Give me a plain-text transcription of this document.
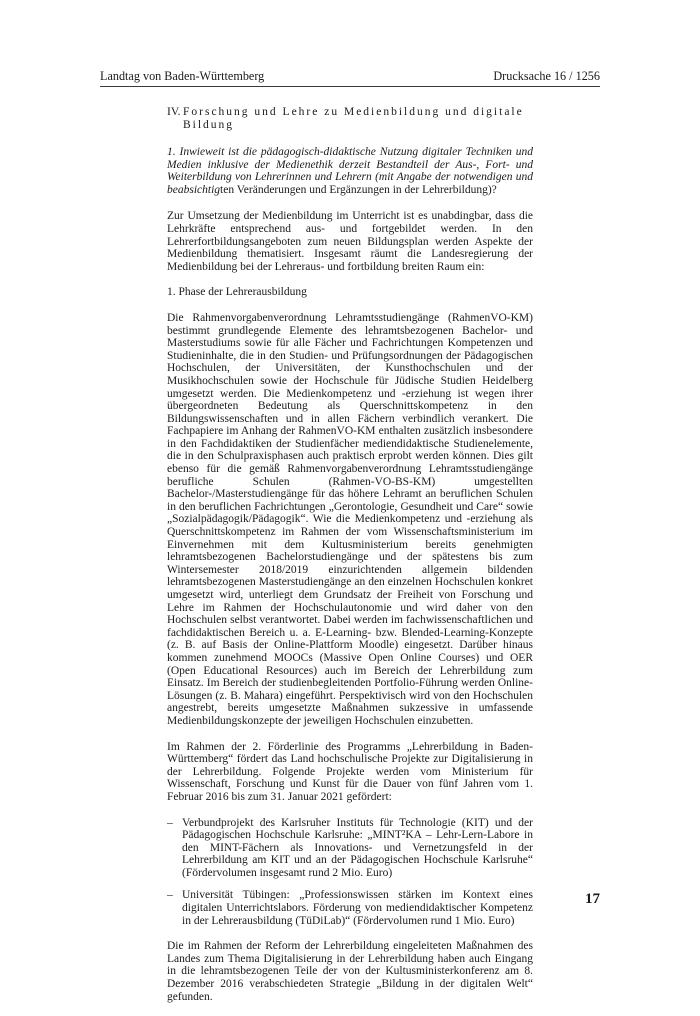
Landtag von Baden-Württemberg	Drucksache 16 / 1256
IV. Forschung und Lehre zu Medienbildung und digitale Bildung

1. Inwieweit ist die pädagogisch-didaktische Nutzung digitaler Techniken und Medien inklusive der Medienethik derzeit Bestandteil der Aus-, Fort- und Weiterbildung von Lehrerinnen und Lehrern (mit Angabe der notwendigen und beabsichtigten Veränderungen und Ergänzungen in der Lehrerbildung)?

Zur Umsetzung der Medienbildung im Unterricht ist es unabdingbar, dass die Lehrkräfte entsprechend aus- und fortgebildet werden. In den Lehrerfortbildungsangeboten zum neuen Bildungsplan werden Aspekte der Medienbildung thematisiert. Insgesamt räumt die Landesregierung der Medienbildung bei der Lehreraus- und fortbildung breiten Raum ein:

1. Phase der Lehrerausbildung

Die Rahmenvorgabenverordnung Lehramtsstudiengänge (RahmenVO-KM) bestimmt grundlegende Elemente des lehramtsbezogenen Bachelor- und Masterstudiums sowie für alle Fächer und Fachrichtungen Kompetenzen und Studieninhalte, die in den Studien- und Prüfungsordnungen der Pädagogischen Hochschulen, der Universitäten, der Kunsthochschulen und der Musikhochschulen sowie der Hochschule für Jüdische Studien Heidelberg umgesetzt werden. Die Medienkompetenz und -erziehung ist wegen ihrer übergeordneten Bedeutung als Querschnittskompetenz in den Bildungswissenschaften und in allen Fächern verbindlich verankert. Die Fachpapiere im Anhang der RahmenVO-KM enthalten zusätzlich insbesondere in den Fachdidaktiken der Studienfächer mediendidaktische Studienelemente, die in den Schulpraxisphasen auch praktisch erprobt werden können. Dies gilt ebenso für die gemäß Rahmenvorgabenverordnung Lehramtsstudiengänge berufliche Schulen (Rahmen-VO-BS-KM) umgestellten Bachelor-/Masterstudiengänge für das höhere Lehramt an beruflichen Schulen in den beruflichen Fachrichtungen „Gerontologie, Gesundheit und Care“ sowie „Sozialpädagogik/Pädagogik“. Wie die Medienkompetenz und -erziehung als Querschnittskompetenz im Rahmen der vom Wissenschaftsministerium im Einvernehmen mit dem Kultusministerium bereits genehmigten lehramtsbezogenen Bachelorstudiengänge und der spätestens bis zum Wintersemester 2018/2019 einzurichtenden allgemein bildenden lehramtsbezogenen Masterstudiengänge an den einzelnen Hochschulen konkret umgesetzt wird, unterliegt dem Grundsatz der Freiheit von Forschung und Lehre im Rahmen der Hochschulautonomie und wird daher von den Hochschulen selbst verantwortet. Dabei werden im fachwissenschaftlichen und fachdidaktischen Bereich u. a. E-Learning- bzw. Blended-Learning-Konzepte (z. B. auf Basis der Online-Plattform Moodle) eingesetzt. Darüber hinaus kommen zunehmend MOOCs (Massive Open Online Courses) und OER (Open Educational Resources) auch im Bereich der Lehrerbildung zum Einsatz. Im Bereich der studienbegleitenden Portfolio-Führung werden Online-Lösungen (z. B. Mahara) eingeführt. Perspektivisch wird von den Hochschulen angestrebt, bereits umgesetzte Maßnahmen sukzessive in umfassende Medienbildungskonzepte der jeweiligen Hochschulen einzubetten.

Im Rahmen der 2. Förderlinie des Programms „Lehrerbildung in Baden-Württemberg“ fördert das Land hochschulische Projekte zur Digitalisierung in der Lehrerbildung. Folgende Projekte werden vom Ministerium für Wissenschaft, Forschung und Kunst für die Dauer von fünf Jahren vom 1. Februar 2016 bis zum 31. Januar 2021 gefördert:

– Verbundprojekt des Karlsruher Instituts für Technologie (KIT) und der Pädagogischen Hochschule Karlsruhe: „MINT²KA – Lehr-Lern-Labore in den MINT-Fächern als Innovations- und Vernetzungsfeld in der Lehrerbildung am KIT und an der Pädagogischen Hochschule Karlsruhe“ (Fördervolumen insgesamt rund 2 Mio. Euro)
– Universität Tübingen: „Professionswissen stärken im Kontext eines digitalen Unterrichtslabors. Förderung von mediendidaktischer Kompetenz in der Lehrerausbildung (TüDiLab)“ (Fördervolumen rund 1 Mio. Euro)

Die im Rahmen der Reform der Lehrerbildung eingeleiteten Maßnahmen des Landes zum Thema Digitalisierung in der Lehrerbildung haben auch Eingang in die lehramtsbezogenen Teile der von der Kultusministerkonferenz am 8. Dezember 2016 verabschiedeten Strategie „Bildung in der digitalen Welt“ gefunden.

17
